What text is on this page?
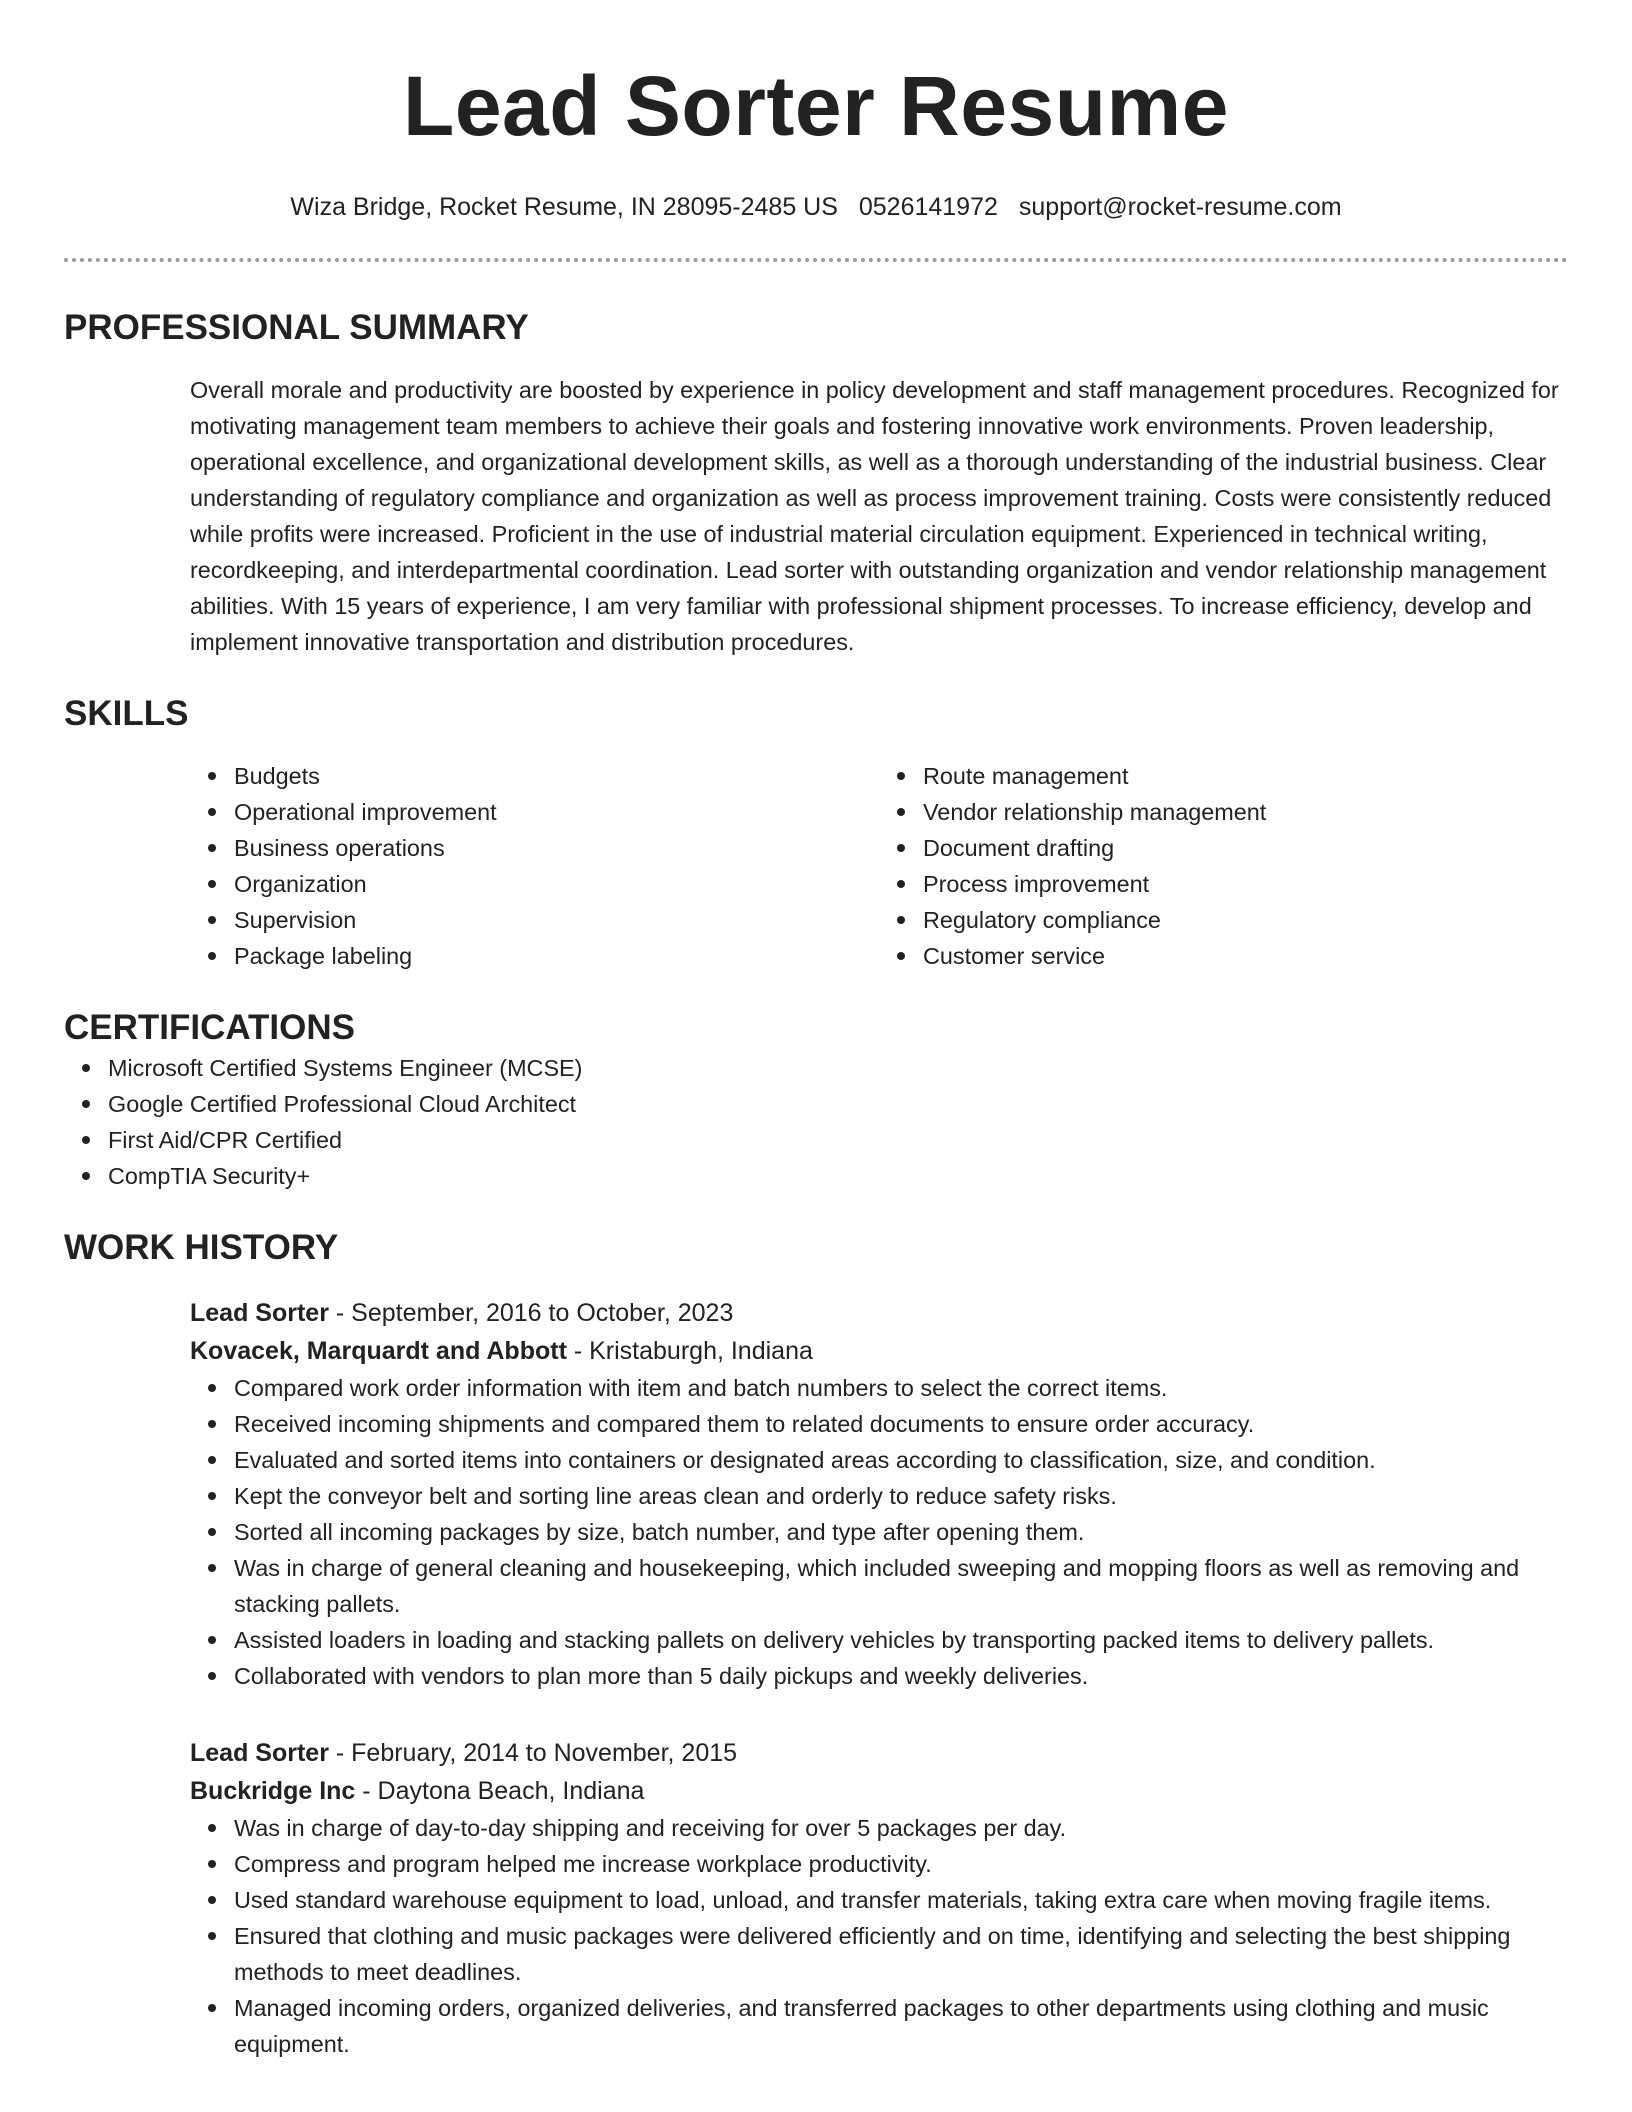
Lead Sorter Resume
Wiza Bridge, Rocket Resume, IN 28095-2485 US 0526141972 support@rocket-resume.com
PROFESSIONAL SUMMARY

Overall morale and productivity are boosted by experience in policy development and staff management procedures. Recognized for motivating management team members to achieve their goals and fostering innovative work environments. Proven leadership, operational excellence, and organizational development skills, as well as a thorough understanding of the industrial business. Clear understanding of regulatory compliance and organization as well as process improvement training. Costs were consistently reduced while profits were increased. Proficient in the use of industrial material circulation equipment. Experienced in technical writing, recordkeeping, and interdepartmental coordination. Lead sorter with outstanding organization and vendor relationship management abilities. With 15 years of experience, I am very familiar with professional shipment processes. To increase efficiency, develop and implement innovative transportation and distribution procedures.

SKILLS
Budgets
Operational improvement
Business operations
Organization
Supervision
Package labeling
Route management
Vendor relationship management
Document drafting
Process improvement
Regulatory compliance
Customer service
CERTIFICATIONS
Microsoft Certified Systems Engineer (MCSE)
Google Certified Professional Cloud Architect
First Aid/CPR Certified
CompTIA Security+
WORK HISTORY
Lead Sorter - September, 2016 to October, 2023
Kovacek, Marquardt and Abbott - Kristaburgh, Indiana
Compared work order information with item and batch numbers to select the correct items.
Received incoming shipments and compared them to related documents to ensure order accuracy.
Evaluated and sorted items into containers or designated areas according to classification, size, and condition.
Kept the conveyor belt and sorting line areas clean and orderly to reduce safety risks.
Sorted all incoming packages by size, batch number, and type after opening them.
Was in charge of general cleaning and housekeeping, which included sweeping and mopping floors as well as removing and stacking pallets.
Assisted loaders in loading and stacking pallets on delivery vehicles by transporting packed items to delivery pallets.
Collaborated with vendors to plan more than 5 daily pickups and weekly deliveries.
Lead Sorter - February, 2014 to November, 2015
Buckridge Inc - Daytona Beach, Indiana
Was in charge of day-to-day shipping and receiving for over 5 packages per day.
Compress and program helped me increase workplace productivity.
Used standard warehouse equipment to load, unload, and transfer materials, taking extra care when moving fragile items.
Ensured that clothing and music packages were delivered efficiently and on time, identifying and selecting the best shipping methods to meet deadlines.
Managed incoming orders, organized deliveries, and transferred packages to other departments using clothing and music equipment.
